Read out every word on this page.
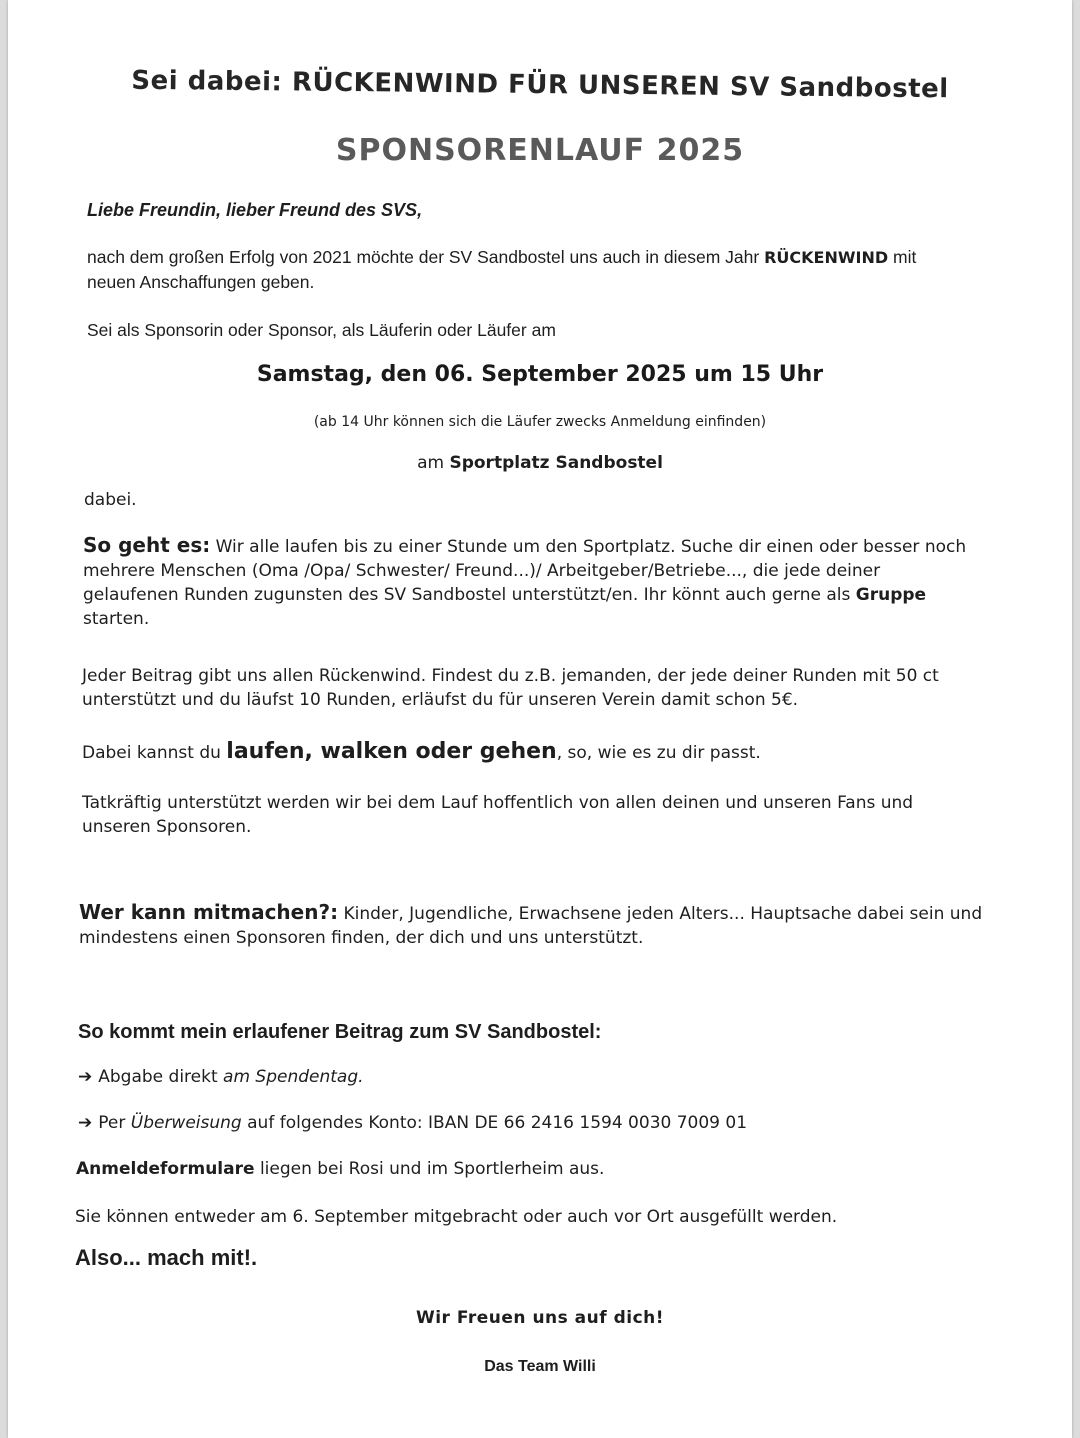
Sei dabei: RÜCKENWIND FÜR UNSEREN SV Sandbostel

SPONSORENLAUF 2025

Liebe Freundin, lieber Freund des SVS,

nach dem großen Erfolg von 2021 möchte der SV Sandbostel uns auch in diesem Jahr RÜCKENWIND mit
neuen Anschaffungen geben.

Sei als Sponsorin oder Sponsor, als Läuferin oder Läufer am

Samstag, den 06. September 2025 um 15 Uhr

(ab 14 Uhr können sich die Läufer zwecks Anmeldung einfinden)

am Sportplatz Sandbostel

dabei.

So geht es: Wir alle laufen bis zu einer Stunde um den Sportplatz. Suche dir einen oder besser noch
mehrere Menschen (Oma /Opa/ Schwester/ Freund...)/ Arbeitgeber/Betriebe..., die jede deiner
gelaufenen Runden zugunsten des SV Sandbostel unterstützt/en. Ihr könnt auch gerne als Gruppe
starten.
Jeder Beitrag gibt uns allen Rückenwind. Findest du z.B. jemanden, der jede deiner Runden mit 50 ct
unterstützt und du läufst 10 Runden, erläufst du für unseren Verein damit schon 5€.
Dabei kannst du laufen, walken oder gehen, so, wie es zu dir passt.
Tatkräftig unterstützt werden wir bei dem Lauf hoffentlich von allen deinen und unseren Fans und
unseren Sponsoren.
Wer kann mitmachen?: Kinder, Jugendliche, Erwachsene jeden Alters... Hauptsache dabei sein und
mindestens einen Sponsoren finden, der dich und uns unterstützt.

So kommt mein erlaufener Beitrag zum SV Sandbostel:

➔ Abgabe direkt am Spendentag.
➔ Per Überweisung auf folgendes Konto: IBAN DE 66 2416 1594 0030 7009 01
Anmeldeformulare liegen bei Rosi und im Sportlerheim aus.

Sie können entweder am 6. September mitgebracht oder auch vor Ort ausgefüllt werden.

Also... mach mit!.

Wir Freuen uns auf dich!

Das Team Willi
